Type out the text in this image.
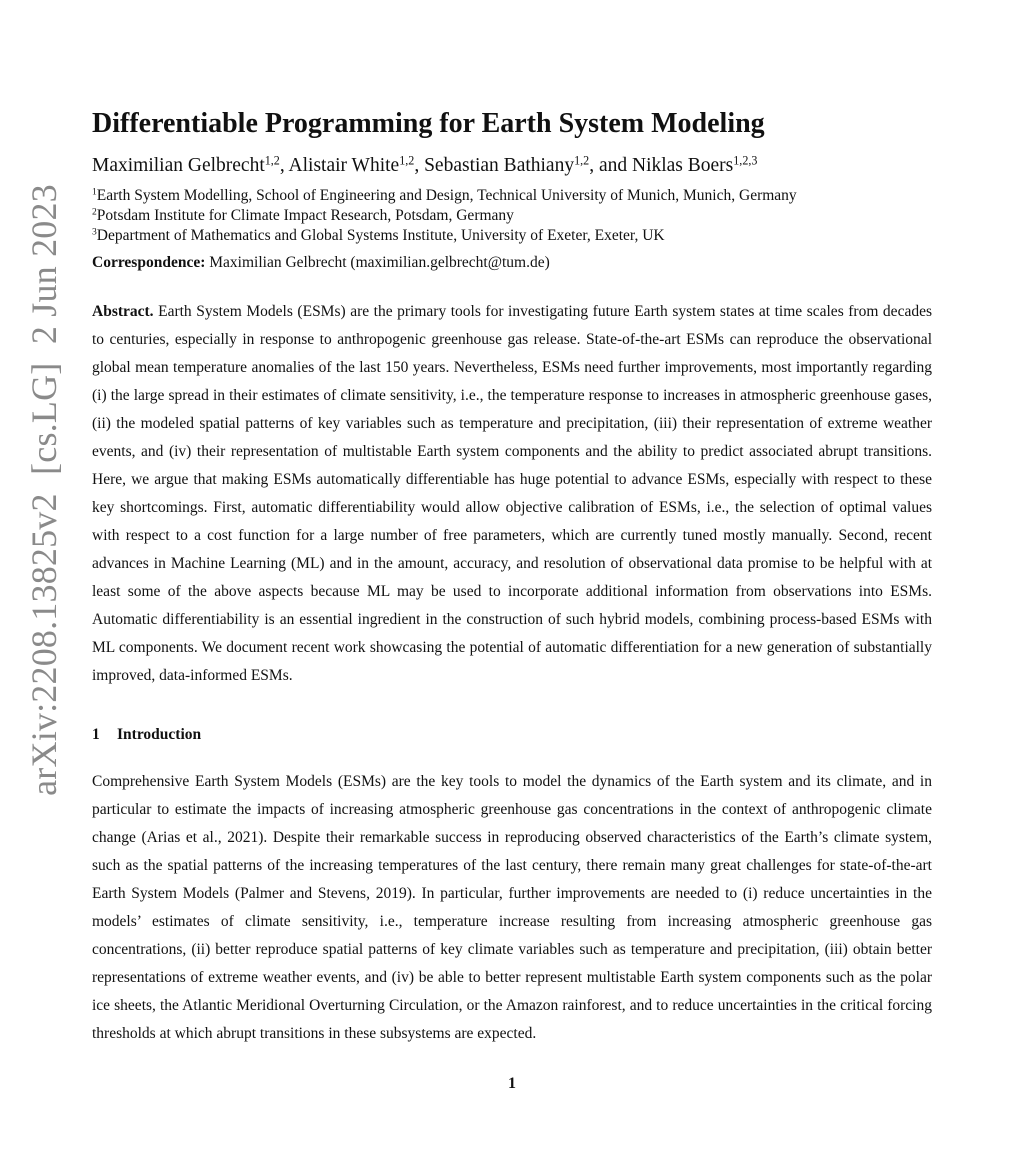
arXiv:2208.13825v2  [cs.LG]  2 Jun 2023
Differentiable Programming for Earth System Modeling
Maximilian Gelbrecht$^{1,2}$, Alistair White$^{1,2}$, Sebastian Bathiany$^{1,2}$, and Niklas Boers$^{1,2,3}$
$^1$Earth System Modelling, School of Engineering and Design, Technical University of Munich, Munich, Germany
$^2$Potsdam Institute for Climate Impact Research, Potsdam, Germany
$^3$Department of Mathematics and Global Systems Institute, University of Exeter, Exeter, UK
Correspondence: Maximilian Gelbrecht (maximilian.gelbrecht@tum.de)

Abstract. Earth System Models (ESMs) are the primary tools for investigating future Earth system states at time scales from decades to centuries, especially in response to anthropogenic greenhouse gas release. State-of-the-art ESMs can reproduce the observational global mean temperature anomalies of the last 150 years. Nevertheless, ESMs need further improvements, most importantly regarding (i) the large spread in their estimates of climate sensitivity, i.e., the temperature response to increases in atmospheric greenhouse gases, (ii) the modeled spatial patterns of key variables such as temperature and precipitation, (iii) their representation of extreme weather events, and (iv) their representation of multistable Earth system components and the ability to predict associated abrupt transitions. Here, we argue that making ESMs automatically differentiable has huge potential to advance ESMs, especially with respect to these key shortcomings. First, automatic differentiability would allow objective calibration of ESMs, i.e., the selection of optimal values with respect to a cost function for a large number of free parameters, which are currently tuned mostly manually. Second, recent advances in Machine Learning (ML) and in the amount, accuracy, and resolution of observational data promise to be helpful with at least some of the above aspects because ML may be used to incorporate additional information from observations into ESMs. Automatic differentiability is an essential ingredient in the construction of such hybrid models, combining process-based ESMs with ML components. We document recent work showcasing the potential of automatic differentiation for a new generation of substantially improved, data-informed ESMs.

1 Introduction

Comprehensive Earth System Models (ESMs) are the key tools to model the dynamics of the Earth system and its climate, and in particular to estimate the impacts of increasing atmospheric greenhouse gas concentrations in the context of anthropogenic climate change (Arias et al., 2021). Despite their remarkable success in reproducing observed characteristics of the Earth’s climate system, such as the spatial patterns of the increasing temperatures of the last century, there remain many great challenges for state-of-the-art Earth System Models (Palmer and Stevens, 2019). In particular, further improvements are needed to (i) reduce uncertainties in the models’ estimates of climate sensitivity, i.e., temperature increase resulting from increasing atmospheric greenhouse gas concentrations, (ii) better reproduce spatial patterns of key climate variables such as temperature and precipitation, (iii) obtain better representations of extreme weather events, and (iv) be able to better represent multistable Earth system components such as the polar ice sheets, the Atlantic Meridional Overturning Circulation, or the Amazon rainforest, and to reduce uncertainties in the critical forcing thresholds at which abrupt transitions in these subsystems are expected.

1
